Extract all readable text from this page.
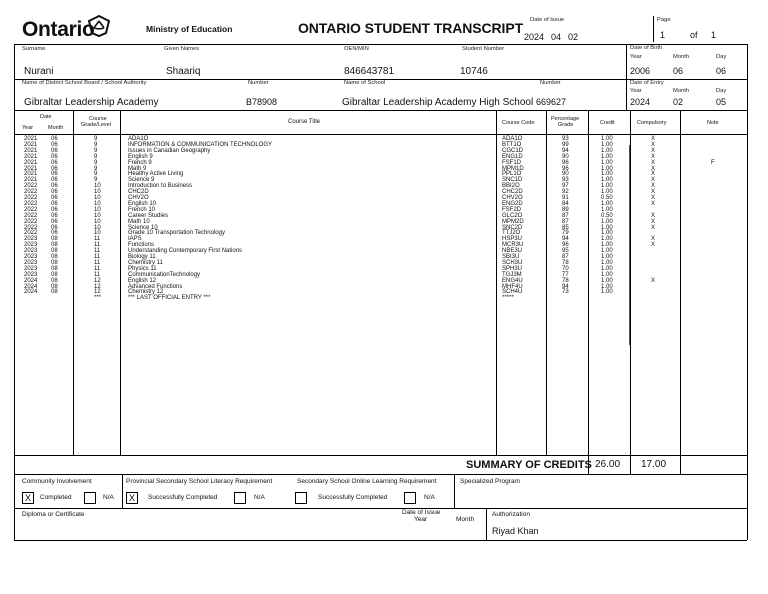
Ontario	Ministry of Education	ONTARIO STUDENT TRANSCRIPT Date of Issue
2024 04 02
Page
1	of 1
Surname
Nurani
Given Names
Shaariq
OEN/MIN
846643781
Student Number
10746
Date of Birth
Year	Month	Day
2006	06	06
Name of District School Board / School Authority
Gibraltar Leadership Academy
Number
B78908
Name of School
Gibraltar Leadership Academy High School
Number
669627
Date of Entry
Year	Month	Day
2024	02	05
Date
Year	Month
Course
Grade/Level	Course Title	Course Code
Percentage
Grade	Credit	Compulsory	Note
2021 06	9	ADA1O	ADA1O	93	1.00	X
2021 06	9	INFORMATION & COMMUNICATION TECHNOLOGY	BTT1O	99	1.00	X
2021 06	9	Issues in Canadian Geography	CGC1D	94	1.00	X
2021 06	9	English 9	ENG1D	90	1.00	X
2021 06	9	French 9	FSF1D	96	1.00	X	F
2021 06	9	Math 9	MPM1D	96	1.00	X
2021 06	9	Healthy Active Living	PPL1O	90	1.00	X
2021 06	9	Science 9	SNC1D	93	1.00	X
2022 06	10	Introduction to Business	BBI2O	97	1.00	X
2022 06	10	CHC2D	CHC2D	92	1.00	X
2022 06	10	CHV2O	CHV2O	91	0.50	X
2022 06	10	English 10	ENG2D	84	1.00	X
2022 06	10	French 10	FSF2D	89	1.00
2022 06	10	Career Studies	GLC2O	87	0.50	X
2022 06	10	Math 10	MPM2D	87	1.00	X
2022 06	10	Science 10	SNC2D	85	1.00	X
2022 06	10	Grade 10 Transportation Technology	TTJ2O	79	1.00
2023 08	11	IAPS	HSP3U	94	1.00	X
2023 08	11	Functions	MCR3U	96	1.00	X
2023 08	11	Understanding Contemporary First Nations	NBE3U	95	1.00
2023 08	11	Biology 11	SBI3U	87	1.00
2023 08	11	Chemistry 11	SCH3U	78	1.00
2023 08	11	Physics 11	SPH3U	70	1.00
2023 08	11	CommunicationTechnology	TGJ3M	77	1.00
2024 08	12	English 12	ENG4U	78	1.00	X
2024 08	12	Advanced Functions	MHF4U	94	1.00
2024 08	12	Chemistry 12	SCH4U	73	1.00
***	*** LAST OFFICIAL ENTRY ***	*****
SUMMARY OF CREDITS 26.00 17.00
Community Involvement
X	Completed	N/A
Provincial Secondary School Literacy Requirement
X	Successfully Completed	N/A
Secondary School Online Learning Requirement
Successfully Completed	N/A
Specialized Program
Diploma or Certificate	Date of Issue
Year	Month
Authorization
Riyad Khan
